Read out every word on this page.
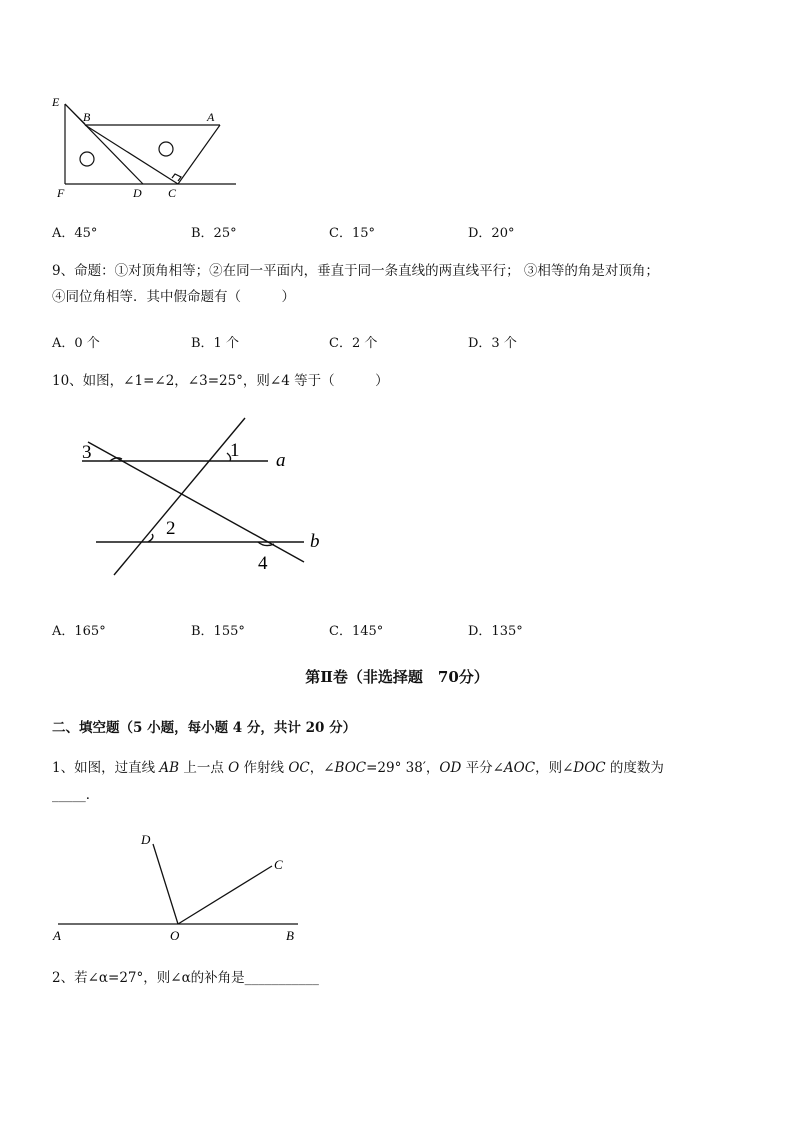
E
B	A
F	D C
A．45°	B．25°	C．15°	D．20°
9、命题：①对顶角相等；②在同一平面内，垂直于同一条直线的两直线平行； ③相等的角是对顶角；
④同位角相等．其中假命题有（　　　）
A．0 个	B．1 个	C．2 个	D．3 个
10、如图，∠1=∠2，∠3=25°，则∠4 等于（　　　）
3	1 a
2
b
4
A．165°	B．155°	C．145°	D．135°
第Ⅱ卷（非选择题　70分）
二、填空题（5 小题，每小题 4 分，共计 20 分）
1、如图，过直线 AB 上一点 O 作射线 OC，∠BOC=29° 38′，OD 平分∠AOC，则∠DOC 的度数为
_____．
D
C
A	O	B
2、若∠α=27°，则∠α的补角是___________
